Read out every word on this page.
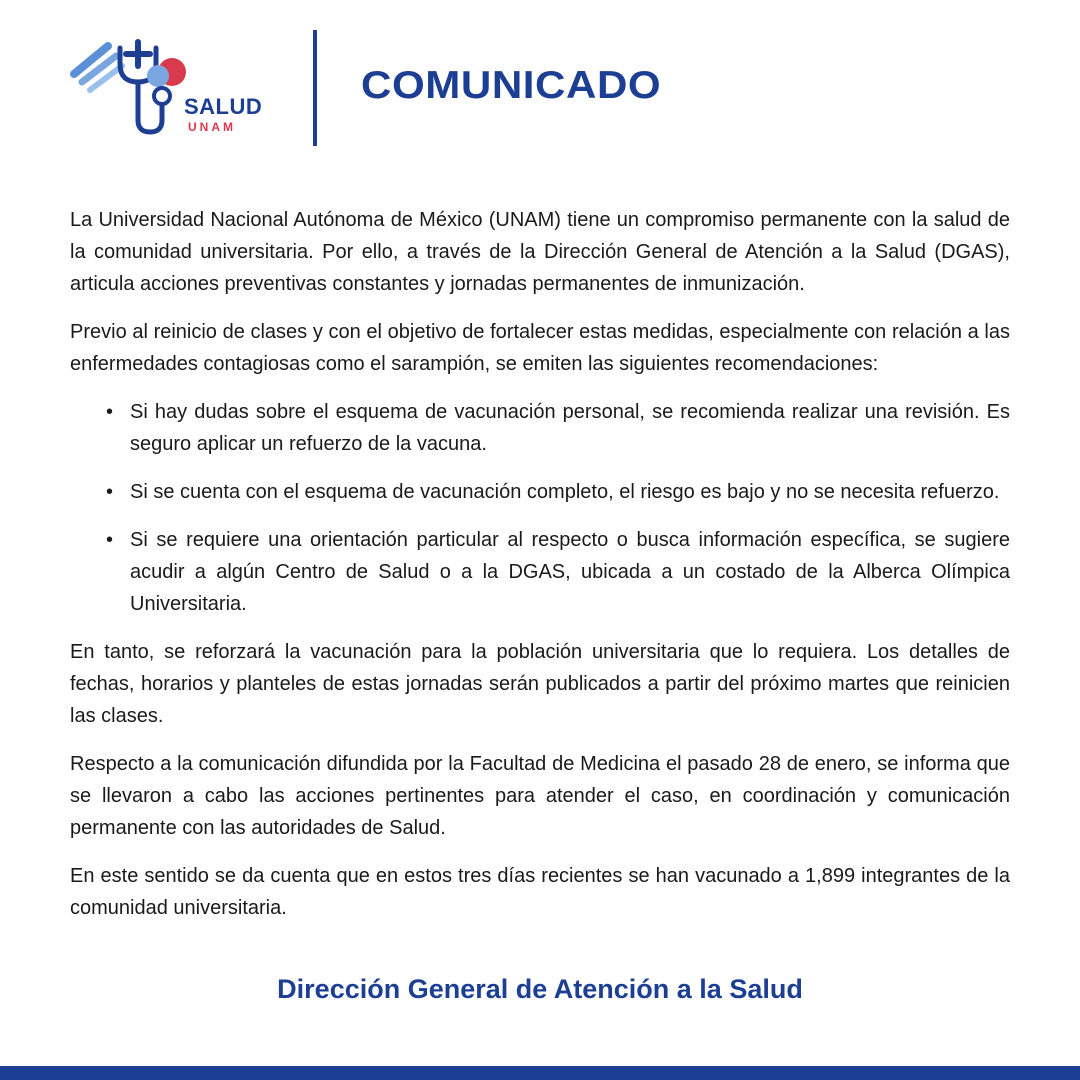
SALUD
UNAM
COMUNICADO

La Universidad Nacional Autónoma de México (UNAM) tiene un compromiso permanente con la salud de la comunidad universitaria. Por ello, a través de la Dirección General de Atención a la Salud (DGAS), articula acciones preventivas constantes y jornadas permanentes de inmunización.

Previo al reinicio de clases y con el objetivo de fortalecer estas medidas, especialmente con relación a las enfermedades contagiosas como el sarampión, se emiten las siguientes recomendaciones:

• Si hay dudas sobre el esquema de vacunación personal, se recomienda realizar una revisión. Es seguro aplicar un refuerzo de la vacuna.
• Si se cuenta con el esquema de vacunación completo, el riesgo es bajo y no se necesita refuerzo.
• Si se requiere una orientación particular al respecto o busca información específica, se sugiere acudir a algún Centro de Salud o a la DGAS, ubicada a un costado de la Alberca Olímpica Universitaria.

En tanto, se reforzará la vacunación para la población universitaria que lo requiera. Los detalles de fechas, horarios y planteles de estas jornadas serán publicados a partir del próximo martes que reinicien las clases.

Respecto a la comunicación difundida por la Facultad de Medicina el pasado 28 de enero, se informa que se llevaron a cabo las acciones pertinentes para atender el caso, en coordinación y comunicación permanente con las autoridades de Salud.

En este sentido se da cuenta que en estos tres días recientes se han vacunado a 1,899 integrantes de la comunidad universitaria.

Dirección General de Atención a la Salud
